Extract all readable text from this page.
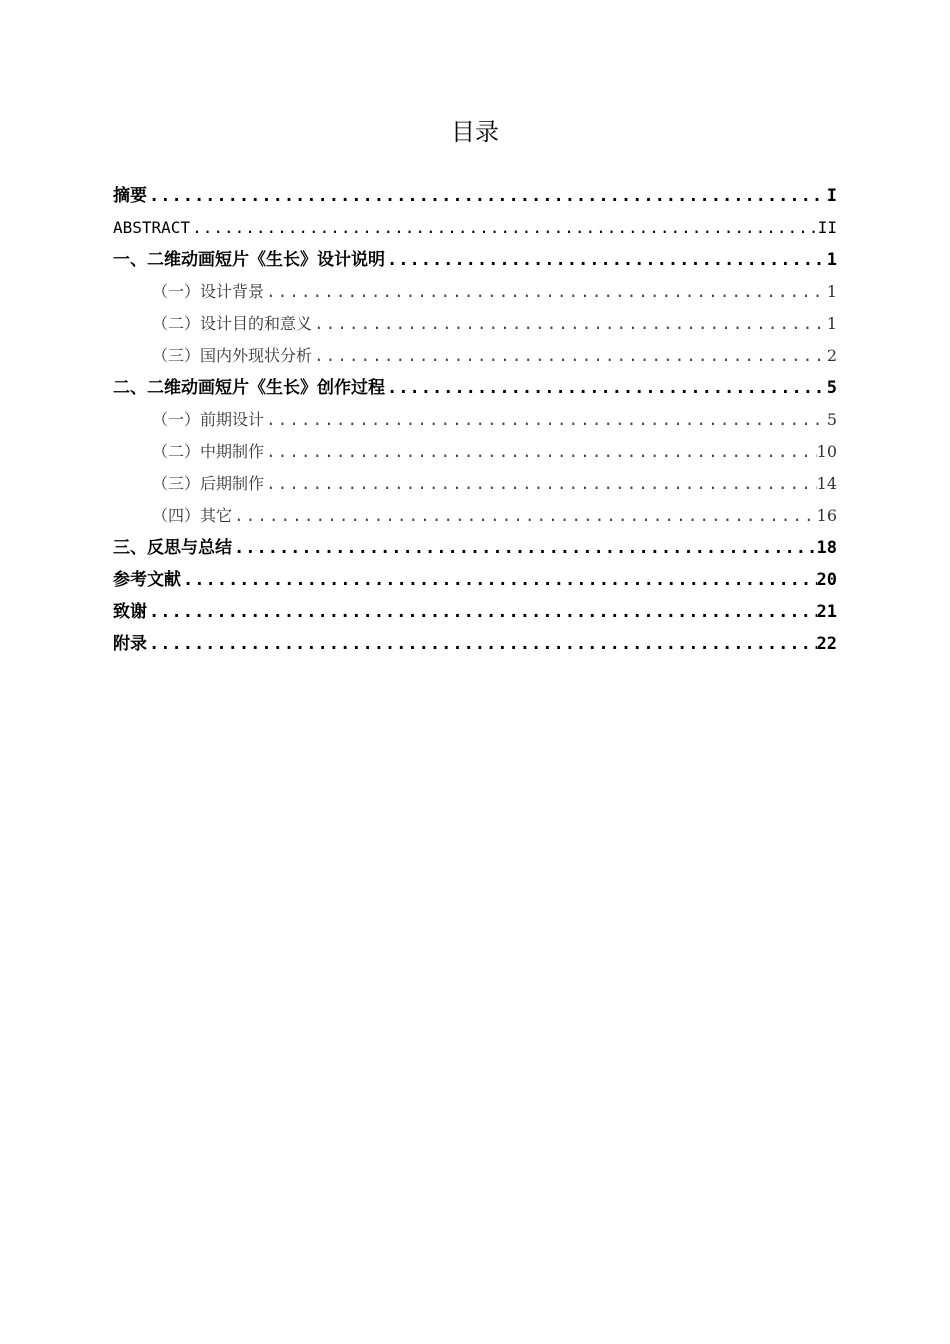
目录
摘要 .....	I
ABSTRACT .....	II
一、二维动画短片《生长》设计说明 .....	1
（一）设计背景 .....	1
（二）设计目的和意义 .....	1
（三）国内外现状分析 .....	2
二、二维动画短片《生长》创作过程 .....	5
（一）前期设计 .....	5
（二）中期制作 .....	10
（三）后期制作 .....	14
（四）其它 .....	16
三、反思与总结 .....	18
参考文献 .....	20
致谢 .....	21
附录 .....	22
